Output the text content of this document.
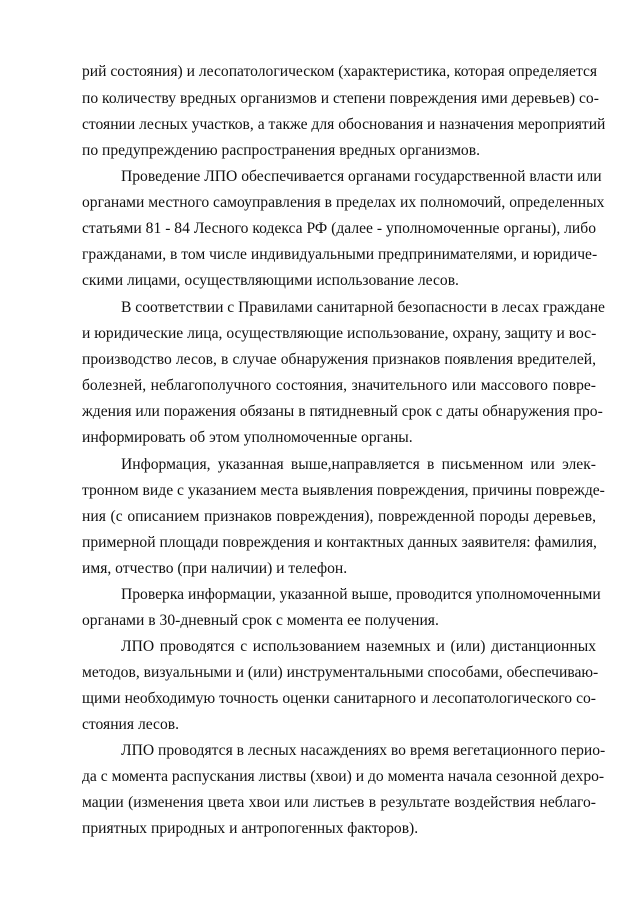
рий состояния) и лесопатологическом (характеристика, которая определяется
по количеству вредных организмов и степени повреждения ими деревьев) со-
стоянии лесных участков, а также для обоснования и назначения мероприятий
по предупреждению распространения вредных организмов.
Проведение ЛПО обеспечивается органами государственной власти или
органами местного самоуправления в пределах их полномочий, определенных
статьями 81 - 84 Лесного кодекса РФ (далее - уполномоченные органы), либо
гражданами, в том числе индивидуальными предпринимателями, и юридиче-
скими лицами, осуществляющими использование лесов.
В соответствии с Правилами санитарной безопасности в лесах граждане
и юридические лица, осуществляющие использование, охрану, защиту и вос-
производство лесов, в случае обнаружения признаков появления вредителей,
болезней, неблагополучного состояния, значительного или массового повре-
ждения или поражения обязаны в пятидневный срок с даты обнаружения про-
информировать об этом уполномоченные органы.
Информация, указанная выше,направляется в письменном или элек-
тронном виде с указанием места выявления повреждения, причины поврежде-
ния (с описанием признаков повреждения), поврежденной породы деревьев,
примерной площади повреждения и контактных данных заявителя: фамилия,
имя, отчество (при наличии) и телефон.
Проверка информации, указанной выше, проводится уполномоченными
органами в 30-дневный срок с момента ее получения.
ЛПО проводятся с использованием наземных и (или) дистанционных
методов, визуальными и (или) инструментальными способами, обеспечиваю-
щими необходимую точность оценки санитарного и лесопатологического со-
стояния лесов.
ЛПО проводятся в лесных насаждениях во время вегетационного перио-
да с момента распускания листвы (хвои) и до момента начала сезонной дехро-
мации (изменения цвета хвои или листьев в результате воздействия неблаго-
приятных природных и антропогенных факторов).
